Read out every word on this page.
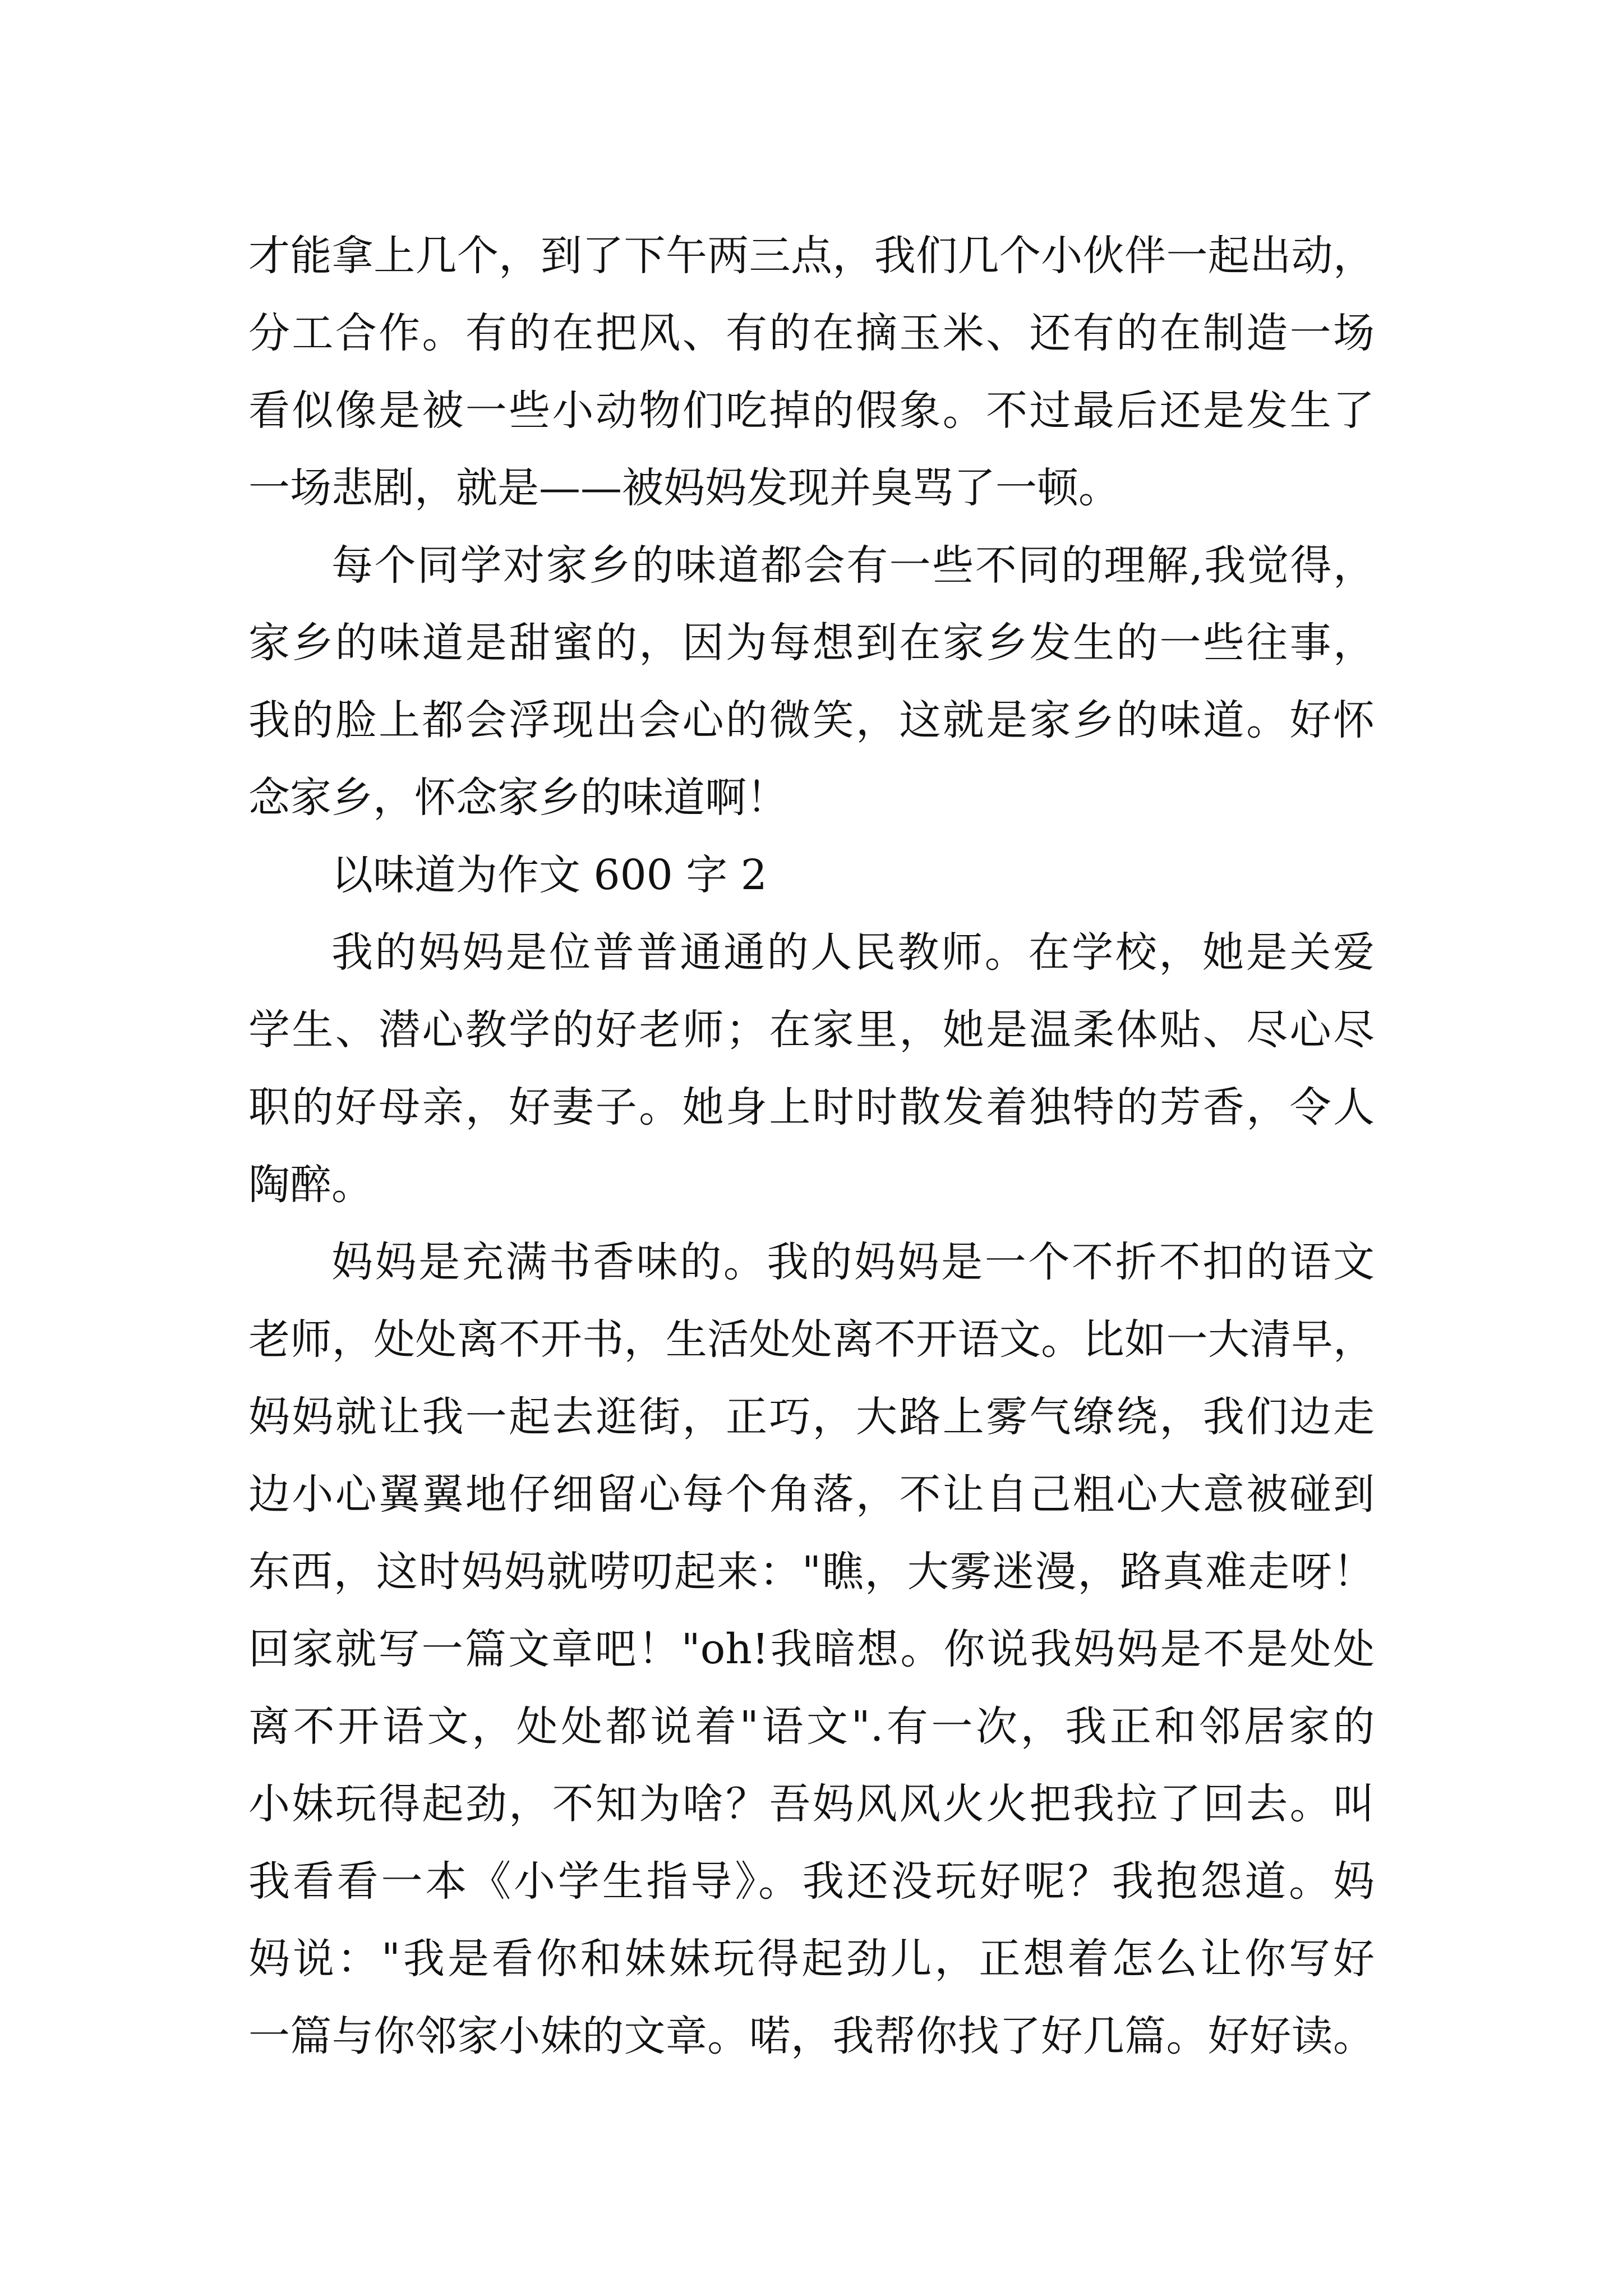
才能拿上几个，到了下午两三点，我们几个小伙伴一起出动，
分工合作。有的在把风、有的在摘玉米、还有的在制造一场
看似像是被一些小动物们吃掉的假象。不过最后还是发生了
一场悲剧，就是——被妈妈发现并臭骂了一顿。
每个同学对家乡的味道都会有一些不同的理解,我觉得，
家乡的味道是甜蜜的，因为每想到在家乡发生的一些往事，
我的脸上都会浮现出会心的微笑，这就是家乡的味道。好怀
念家乡，怀念家乡的味道啊！
以味道为作文 600 字 2
我的妈妈是位普普通通的人民教师。在学校，她是关爱
学生、潜心教学的好老师；在家里，她是温柔体贴、尽心尽
职的好母亲，好妻子。她身上时时散发着独特的芳香，令人
陶醉。
妈妈是充满书香味的。我的妈妈是一个不折不扣的语文
老师，处处离不开书，生活处处离不开语文。比如一大清早，
妈妈就让我一起去逛街，正巧，大路上雾气缭绕，我们边走
边小心翼翼地仔细留心每个角落，不让自己粗心大意被碰到
东西，这时妈妈就唠叨起来："瞧，大雾迷漫，路真难走呀！
回家就写一篇文章吧！"oh!我暗想。你说我妈妈是不是处处
离不开语文，处处都说着"语文".有一次，我正和邻居家的
小妹玩得起劲，不知为啥？吾妈风风火火把我拉了回去。叫
我看看一本《小学生指导》。我还没玩好呢？我抱怨道。妈
妈说："我是看你和妹妹玩得起劲儿，正想着怎么让你写好
一篇与你邻家小妹的文章。喏，我帮你找了好几篇。好好读。
